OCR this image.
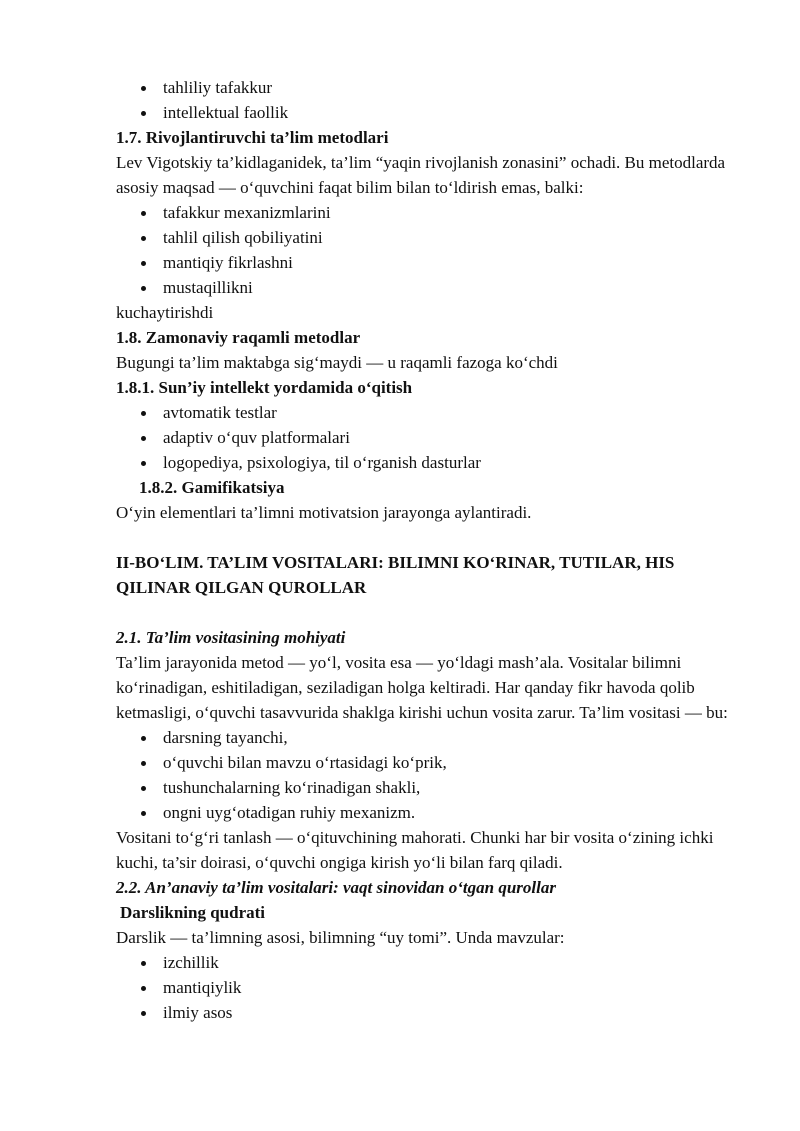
tahliliy tafakkur
intellektual faollik

1.7. Rivojlantiruvchi ta’lim metodlari

Lev Vigotskiy ta’kidlaganidek, ta’lim “yaqin rivojlanish zonasini” ochadi. Bu metodlarda asosiy maqsad — o‘quvchini faqat bilim bilan to‘ldirish emas, balki:

tafakkur mexanizmlarini
tahlil qilish qobiliyatini
mantiqiy fikrlashni
mustaqillikni

kuchaytirishdi

1.8. Zamonaviy raqamli metodlar

Bugungi ta’lim maktabga sig‘maydi — u raqamli fazoga ko‘chdi

1.8.1. Sun’iy intellekt yordamida o‘qitish

avtomatik testlar
adaptiv o‘quv platformalari
logopediya, psixologiya, til o‘rganish dasturlar

1.8.2. Gamifikatsiya

O‘yin elementlari ta’limni motivatsion jarayonga aylantiradi.

II-BO‘LIM. TA’LIM VOSITALARI: BILIMNI KO‘RINAR, TUTILAR, HIS QILINAR QILGAN QUROLLAR

2.1. Ta’lim vositasining mohiyati

Ta’lim jarayonida metod — yo‘l, vosita esa — yo‘ldagi mash’ala. Vositalar bilimni ko‘rinadigan, eshitiladigan, seziladigan holga keltiradi. Har qanday fikr havoda qolib ketmasligi, o‘quvchi tasavvurida shaklga kirishi uchun vosita zarur. Ta’lim vositasi — bu:

darsning tayanchi,
o‘quvchi bilan mavzu o‘rtasidagi ko‘prik,
tushunchalarning ko‘rinadigan shakli,
ongni uyg‘otadigan ruhiy mexanizm.

Vositani to‘g‘ri tanlash — o‘qituvchining mahorati. Chunki har bir vosita o‘zining ichki kuchi, ta’sir doirasi, o‘quvchi ongiga kirish yo‘li bilan farq qiladi.

2.2. An’anaviy ta’lim vositalari: vaqt sinovidan o‘tgan qurollar

Darslikning qudrati

Darslik — ta’limning asosi, bilimning “uy tomi”. Unda mavzular:

izchillik
mantiqiylik
ilmiy asos
